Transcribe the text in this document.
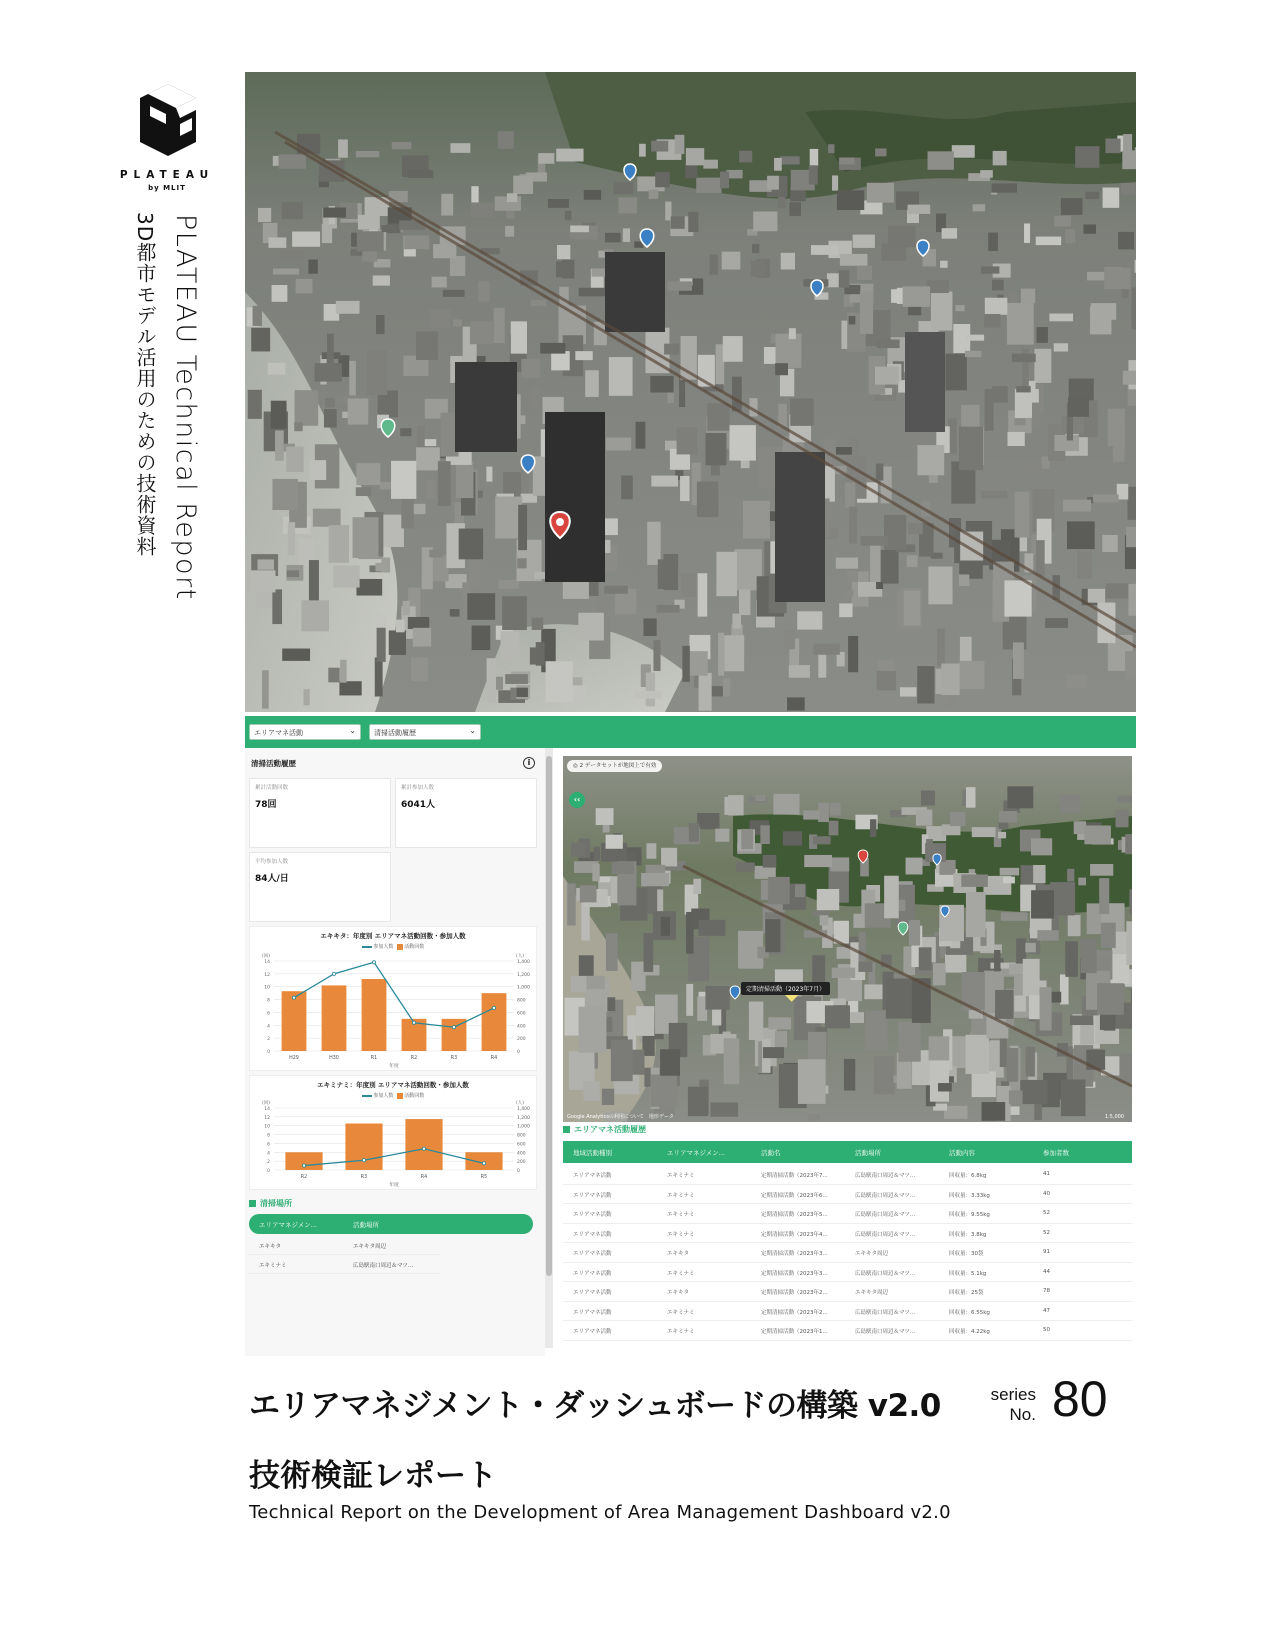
PLATEAU
by MLIT
PLATEAU Technical Report
3D都市モデル活用のための技術資料
エリアマネ活動	⌄	清掃活動履歴	⌄
清掃活動履歴	i
累計活動回数
78回
累計参加人数
6041人
平均参加人数
84人/日
エキキタ：年度別 エリアマネ活動回数・参加人数
参加人数 活動回数
0
2
4
6
8
10
12
14
0
200
400
600
800
1,000
1,200
1,400
(回)	(人)
H29	H30	R1	R2	R3	R4
年度
エキミナミ：年度別 エリアマネ活動回数・参加人数
参加人数 活動回数
0
2
4
6
8
10
12
14
0
200
400
600
800
1,000
1,200
1,400
(回)	(人)
R2	R3	R4	R5
年度
清掃場所
エリアマネジメン...	活動場所
エキキタ	エキキタ周辺
エキミナミ	広島駅南口周辺＆マツ...
◎ 2 データセットが地図上で有効
‹‹
定期清掃活動（2023年7月）
Google Analyticsの利用について　地形データ	1:5,000
エリアマネ活動履歴
地域活動種別	エリアマネジメン...	活動名	活動場所	活動内容	参加者数
エリアマネ活動	エキミナミ	定期清掃活動（2023年7...	広島駅南口周辺＆マツ...	回収量：6.8kg	41
エリアマネ活動	エキミナミ	定期清掃活動（2023年6...	広島駅南口周辺＆マツ...	回収量：3.33kg	40
エリアマネ活動	エキミナミ	定期清掃活動（2023年5...	広島駅南口周辺＆マツ...	回収量：9.55kg	52
エリアマネ活動	エキミナミ	定期清掃活動（2023年4...	広島駅南口周辺＆マツ...	回収量：3.8kg	52
エリアマネ活動	エキキタ	定期清掃活動（2023年3...	エキキタ周辺	回収量：30袋	91
エリアマネ活動	エキミナミ	定期清掃活動（2023年3...	広島駅南口周辺＆マツ...	回収量：5.1kg	44
エリアマネ活動	エキキタ	定期清掃活動（2023年2...	エキキタ周辺	回収量：25袋	78
エリアマネ活動	エキミナミ	定期清掃活動（2023年2...	広島駅南口周辺＆マツ...	回収量：6.55kg	47
エリアマネ活動	エキミナミ	定期清掃活動（2023年1...	広島駅南口周辺＆マツ...	回収量：4.22kg	50
エリアマネジメント・ダッシュボードの構築 v2.0
技術検証レポート
Technical Report on the Development of Area Management Dashboard v2.0
series
No. 80
